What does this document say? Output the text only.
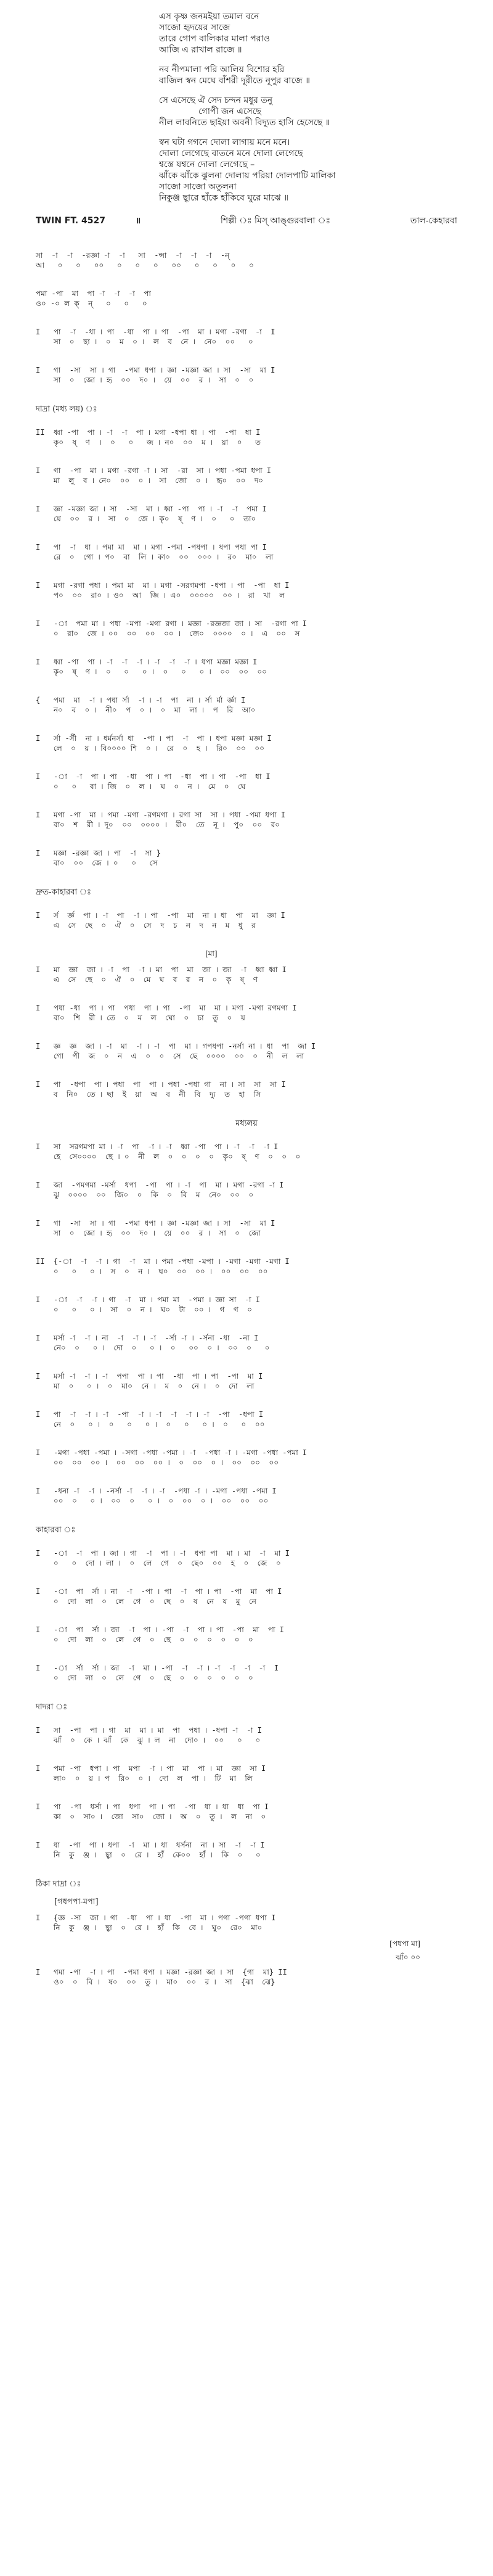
এস কৃষ্ণ জনমইয়া তমাল বনে
সাজো হৃদয়ের সাজে
তারে গোপ বালিকার মালা পরাও
আজি এ রাখাল রাজে ॥
নব নীপমালা পরি আলিয় বিশোর হরি
বাজিল স্বন মেঘে বাঁশরী দূরীতে নূপুর বাজে ॥
সে এসেছে ঐ সেদ চন্দন মধুর তনু
গোপী জন এসেছে
নীল লাবনিতে ছাইয়া অবনী বিদ্যুত হাসি হেসেছে ॥
স্বন ঘটা গগনে দোলা লাগায় মনে মনে।
দোলা লেগেছে বাতনে মনে দোলা লেগেছে
শ্বস্তে যশ্বনে দোলা লেগেছে –
ঝাঁকে ঝাঁকে ঝুলনা দোলায় পরিয়া দোলপাটি মালিকা
সাজো সাজো অতুলনা
নিকুঞ্জ ছ্বারে হাঁকে হাঁকিবে ঘুরে মাঝে ॥
TWIN FT. 4527	॥	শিল্পী ঃ মিস্ আঙ্গুরবালা ঃ	তাল-কেহারবা
সা  -া  -া  -রজ্ঞা -া  -া   সা  -ন্সা  -া  -া  -া  -ন্
আ   ০   ০   ০০   ০   ০   ০   ০০   ০   ০   ০   ০
পমা -পা  মা  পা -া  -া  -া  পা
ও০ -০ ল ক্  ন্   ০   ০   ০
I   পা  -া  -ধা । পা  -ধা  পা । পা  -পা  মা । মগা -রগা  -া  I
সা  ০  ছা ।  ০  ম  ০ ।  ল  ব  নে ।  নে০  ০০   ০
I   গা  -সা  সা । গা  -পমা ধপা । জ্ঞা -মজ্ঞা জা । সা  -সা  মা I
সা  ০  জো । হৃ  ০০  দ০ ।  য়ে  ০০  র ।  সা  ০  ০
দাদ্রা (মধ্য লয়) ঃ
II  ধ্বা -পা  পা । -া  -া  পা । মগা -ধপা ধা । পা  -পা  ধা I
কৃ০  ষ্  ণ  ।  ০   ০   জ । ন০  ০০  ম ।  য়া  ০   ত
I   গা  -পা  মা । মগা -রগা -া । সা  -রা  সা । পধা -পমা ধপা I
মা  লু  ব । নে০  ০০  ০ ।  সা  জো  ০ ।  হৃ০  ০০  দ০
I   জ্ঞা -মজ্ঞা জা । সা  -সা  মা । ধ্বা -পা  পা । -া  -া  পমা I
য়ে  ০০  র ।  সা  ০  জে । কৃ০  ষ্  ণ ।  ০   ০  তা০
I   পা  -া  ধা । পমা মা  মা । মগা -পমা -পধপা । ধপা পধা পা I
রে  ০  গো । প০  বা  লি । কা০  ০০  ০০০ ।  র০  মা০  লা
I   মগা -রগা পধা । পমা মা  মা । মগা -সরগমপা -ধপা । পা  -পা  ধা I
প০  ০০  রা০ । ও০  আ  জি । এ০  ০০০০০  ০০ ।  রা  খা  ল
I   -া  পমা মা । পধা -মপা -মগা রগা । মজ্ঞা -রজ্ঞজা জা । সা  -রগা পা I
০  রা০  জে । ০০  ০০  ০০  ০০ ।  জে০  ০০০০  ০ ।  এ  ০০  স
I   ধ্বা -পা  পা । -া  -া  -া । -া  -া  -া । ধপা মজ্ঞা মজ্ঞা I
কৃ০  ষ্  ণ ।  ০   ০   ০ ।  ০   ০   ০ ।  ০০  ০০  ০০
{   পমা  মা  -া । পধা র্সা  -া । -া  পা  না । র্সা র্মা র্জ্ঞা I
ন০  ব  ০ ।  নী০  প  ০ ।  ০  মা  লা ।  প  রি  আ০
I   র্সা -র্সী  না । ধর্মনর্সা ধা  -পা । পা  -া  পা । ধপা মজ্ঞা মজ্ঞা I
লে  ০  য় । বি০০০০ শি  ০ ।  রে  ০  হ ।  রি০  ০০  ০০
I   -া  -া  পা । পা  -ধা  পা । পা  -ধা  পা । পা  -পা  ধা I
০   ০   বা । জি  ০  ল ।  ঘ  ০  ন ।  মে  ০  ঘে
I   মগা -পা  মা । পমা -মগা -রগমগা । রগা সা  সা । পধা -পমা ধপা I
বা০  শ  রী । দূ০  ০০  ০০০০ ।  রী০  তে  নূ ।  পু০  ০০  র০
I   মজ্ঞা -রজ্ঞা জা । পা  -া  সা }
বা০  ০০  জে । ০   ০   সে
দ্রুত-কাহারবা ঃ
I   র্স  র্জ্ঞ  পা । -া  পা  -া । পা  -পা  মা  না । ধা  পা  মা  জ্ঞা I
এ  সে  ছে  ০  ঐ  ০  সে  দ  চ  ন  দ  ন  ম  ধু  র
[মা]
I   মা  জ্ঞা  জা । -া  পা  -া । মা  পা  মা  জা । জা  -া  ধ্বা ধ্বা I
এ  সে  ছে  ০  ঐ  ০  মে  ঘ  ব  র  ন  ০  কৃ  ষ্  ণ
I   পধা -ধা  পা । পা  পধা  পা । পা  -পা  মা  মা । মগা -মগা রগমগা I
বা০  শি  রী । তে  ০  ম  ল  ঘো  ০  চা  তু  ০  য়
I   জ্ঞ  জ্ঞ  জা । -া  মা  -া । -া  পা  মা । গপধপা -নর্সা না । ধা  পা  জা I
গো  পী  জ  ০  ন  এ  ০  ০  সে  ছে  ০০০০  ০০  ০  নী  ল  লা
I   পা  -ধপা  পা । পধা  পা  পা । পধা -পধা গা  না । সা  সা  সা I
ব  নি০  তে । ছা  ই  য়া  অ  ব  নী  বি  দ্যু  ত  হা  সি
মধ্যলয়
I   সা  সরগমপা মা । -া  পা  -া । -া  ধ্বা -পা  পা । -া  -া  -া I
হে  সে০০০০  ছে । ০  নী  ল  ০  ০  ০  ০  কৃ০  ষ্  ণ  ০  ০  ০
I   জা  -পমগমা -মর্সা  ধপা  -পা  পা । -া  পা  মা । মগা -রগা -া I
ঝু  ০০০০  ০০  জি০  ০  কি  ০  বি  ম  নে০  ০০  ০
I   গা  -সা  সা । গা  -পমা ধপা । জ্ঞা -মজ্ঞা জা । সা  -সা  মা I
সা  ০  জো । হৃ  ০০  দ০ ।  য়ে  ০০  র ।  সা  ০  জো
II  {-া  -া  -া । গা  -া  মা । পমা -পধা -মপা । -মগা -মগা -মগা I
০   ০   ০ ।  স  ০  ন ।  ঘ০  ০০  ০০ ।  ০০  ০০  ০০
I   -া  -া  -া । গা  -া  মা । পমা মা  -পমা । জ্ঞা সা  -া I
০   ০   ০ ।  সা  ০  ন ।  ঘ০  টা  ০০ ।  গ  গ  ০
I   মর্সা -া  -া । না  -া  -া । -া  -র্সা -া । -র্সনা -ধা  -না I
নে০  ০   ০ ।  দো  ০   ০ ।  ০   ০০  ০ ।  ০০  ০   ০
I   মর্সা -া  -া । -া  পপা  পা । পা  -ধা  পা । পা  -পা  মা I
মা  ০   ০ ।  ০  মা০  নে ।  ম  ০  নে ।  ০  দো  লা
I   পা  -া  -া । -া  -পা  -া । -া  -া  -া । -া  -পা  -ধপা I
নে  ০   ০ ।  ০   ০   ০ ।  ০   ০   ০ ।  ০   ০  ০০
I   -মগা -পধা -পমা । -সগা -পধা -পমা । -া  -পধা -া । -মগা -পধা -পমা I
০০  ০০  ০০ ।  ০০  ০০  ০০ ।  ০  ০০  ০ ।  ০০  ০০  ০০
I   -ধনা -া  -া । -নর্সা -া  -া । -া  -পধা -া । -মগা -পধা -পমা I
০০  ০   ০ ।  ০০  ০   ০ ।  ০  ০০  ০ ।  ০০  ০০  ০০
কাহারবা ঃ
I   -া  -া  পা । জা । গা  -া  পা । -া  ধপা পা  মা । মা  -া  মা I
০   ০  দো । লা ।  ০  লে  গে  ০  ছে০  ০০  হ  ০  জে  ০
I   -া  পা  র্সা । না  -া  -পা । পা  -া  পা । পা  -পা  মা  পা I
০  দো  লা  ০  লে  গে  ০  ছে  ০  ষ  নে  য  মু  নে
I   -া  পা  র্সা । জা  -া  পা । -পা  -া  পা । পা  -পা  মা  পা I
০  দো  লা  ০  লে  গে  ০  ছে  ০  ০  ০  ০  ০  ০
I   -া  র্সা  র্সা । জা  -া  মা । -পা  -া  -া । -া  -া  -া  -া  I
০  দো  লা  ০  লে  গে  ০  ছে  ০  ০  ০  ০  ০  ০
দাদরা ঃ
I   সা  -পা  পা । গা  মা  মা । মা  পা  পধা । -ধপা -া  -া I
ঝাঁ  ০  কে । ঝাঁ  কে  ঝু । ল  না  দো০ ।  ০০   ০   ০
I   পমা -পা  ধপা । পা  মপা  -া । পা  মা  পা । মা  জ্ঞা  সা I
লা০  ০  য় । প  রি০  ০ ।  দো  ল  পা ।  টি  মা  লি
I   পা  -পা  ধর্সা । পা  ধপা  পা । পা  -পা  ধা । ধা  ধা  পা I
কা  ০  সা০ ।  জো  সা০  জো ।  অ  ০  তু ।  ল  না  ০
I   ধা  -পা  পা । ধপা  -া  মা । ধা  ধর্সনা  না । সা  -া  -া I
নি  কু  ঞ্জ ।  ছ্বা  ০  রে ।  হাঁ  কে০০  হাঁ ।  কি  ০   ০
ঠিকা দাদ্রা ঃ
[গধপপা-মপা]
I   {জ্ঞ -সা  জা । গা  -ধা  পা । ধা  -পা  মা । পগা -পগা ধপা I
নি  কু  ঞ্জ ।  ছ্বা  ০  রে ।  হাঁ  কি  বে ।  ঘু০  রে০  মা০
[পধপা মা]
ঝাঁ০ ০০
I   গমা -পা  -া । পা  -পমা ধপা । মজ্ঞা -রজ্ঞা জা । সা  {গা  মা} II
ও০  ০  বি ।  ষ০  ০০  তু ।  মা০  ০০  র ।  সা  {ঝা  ঝে}
